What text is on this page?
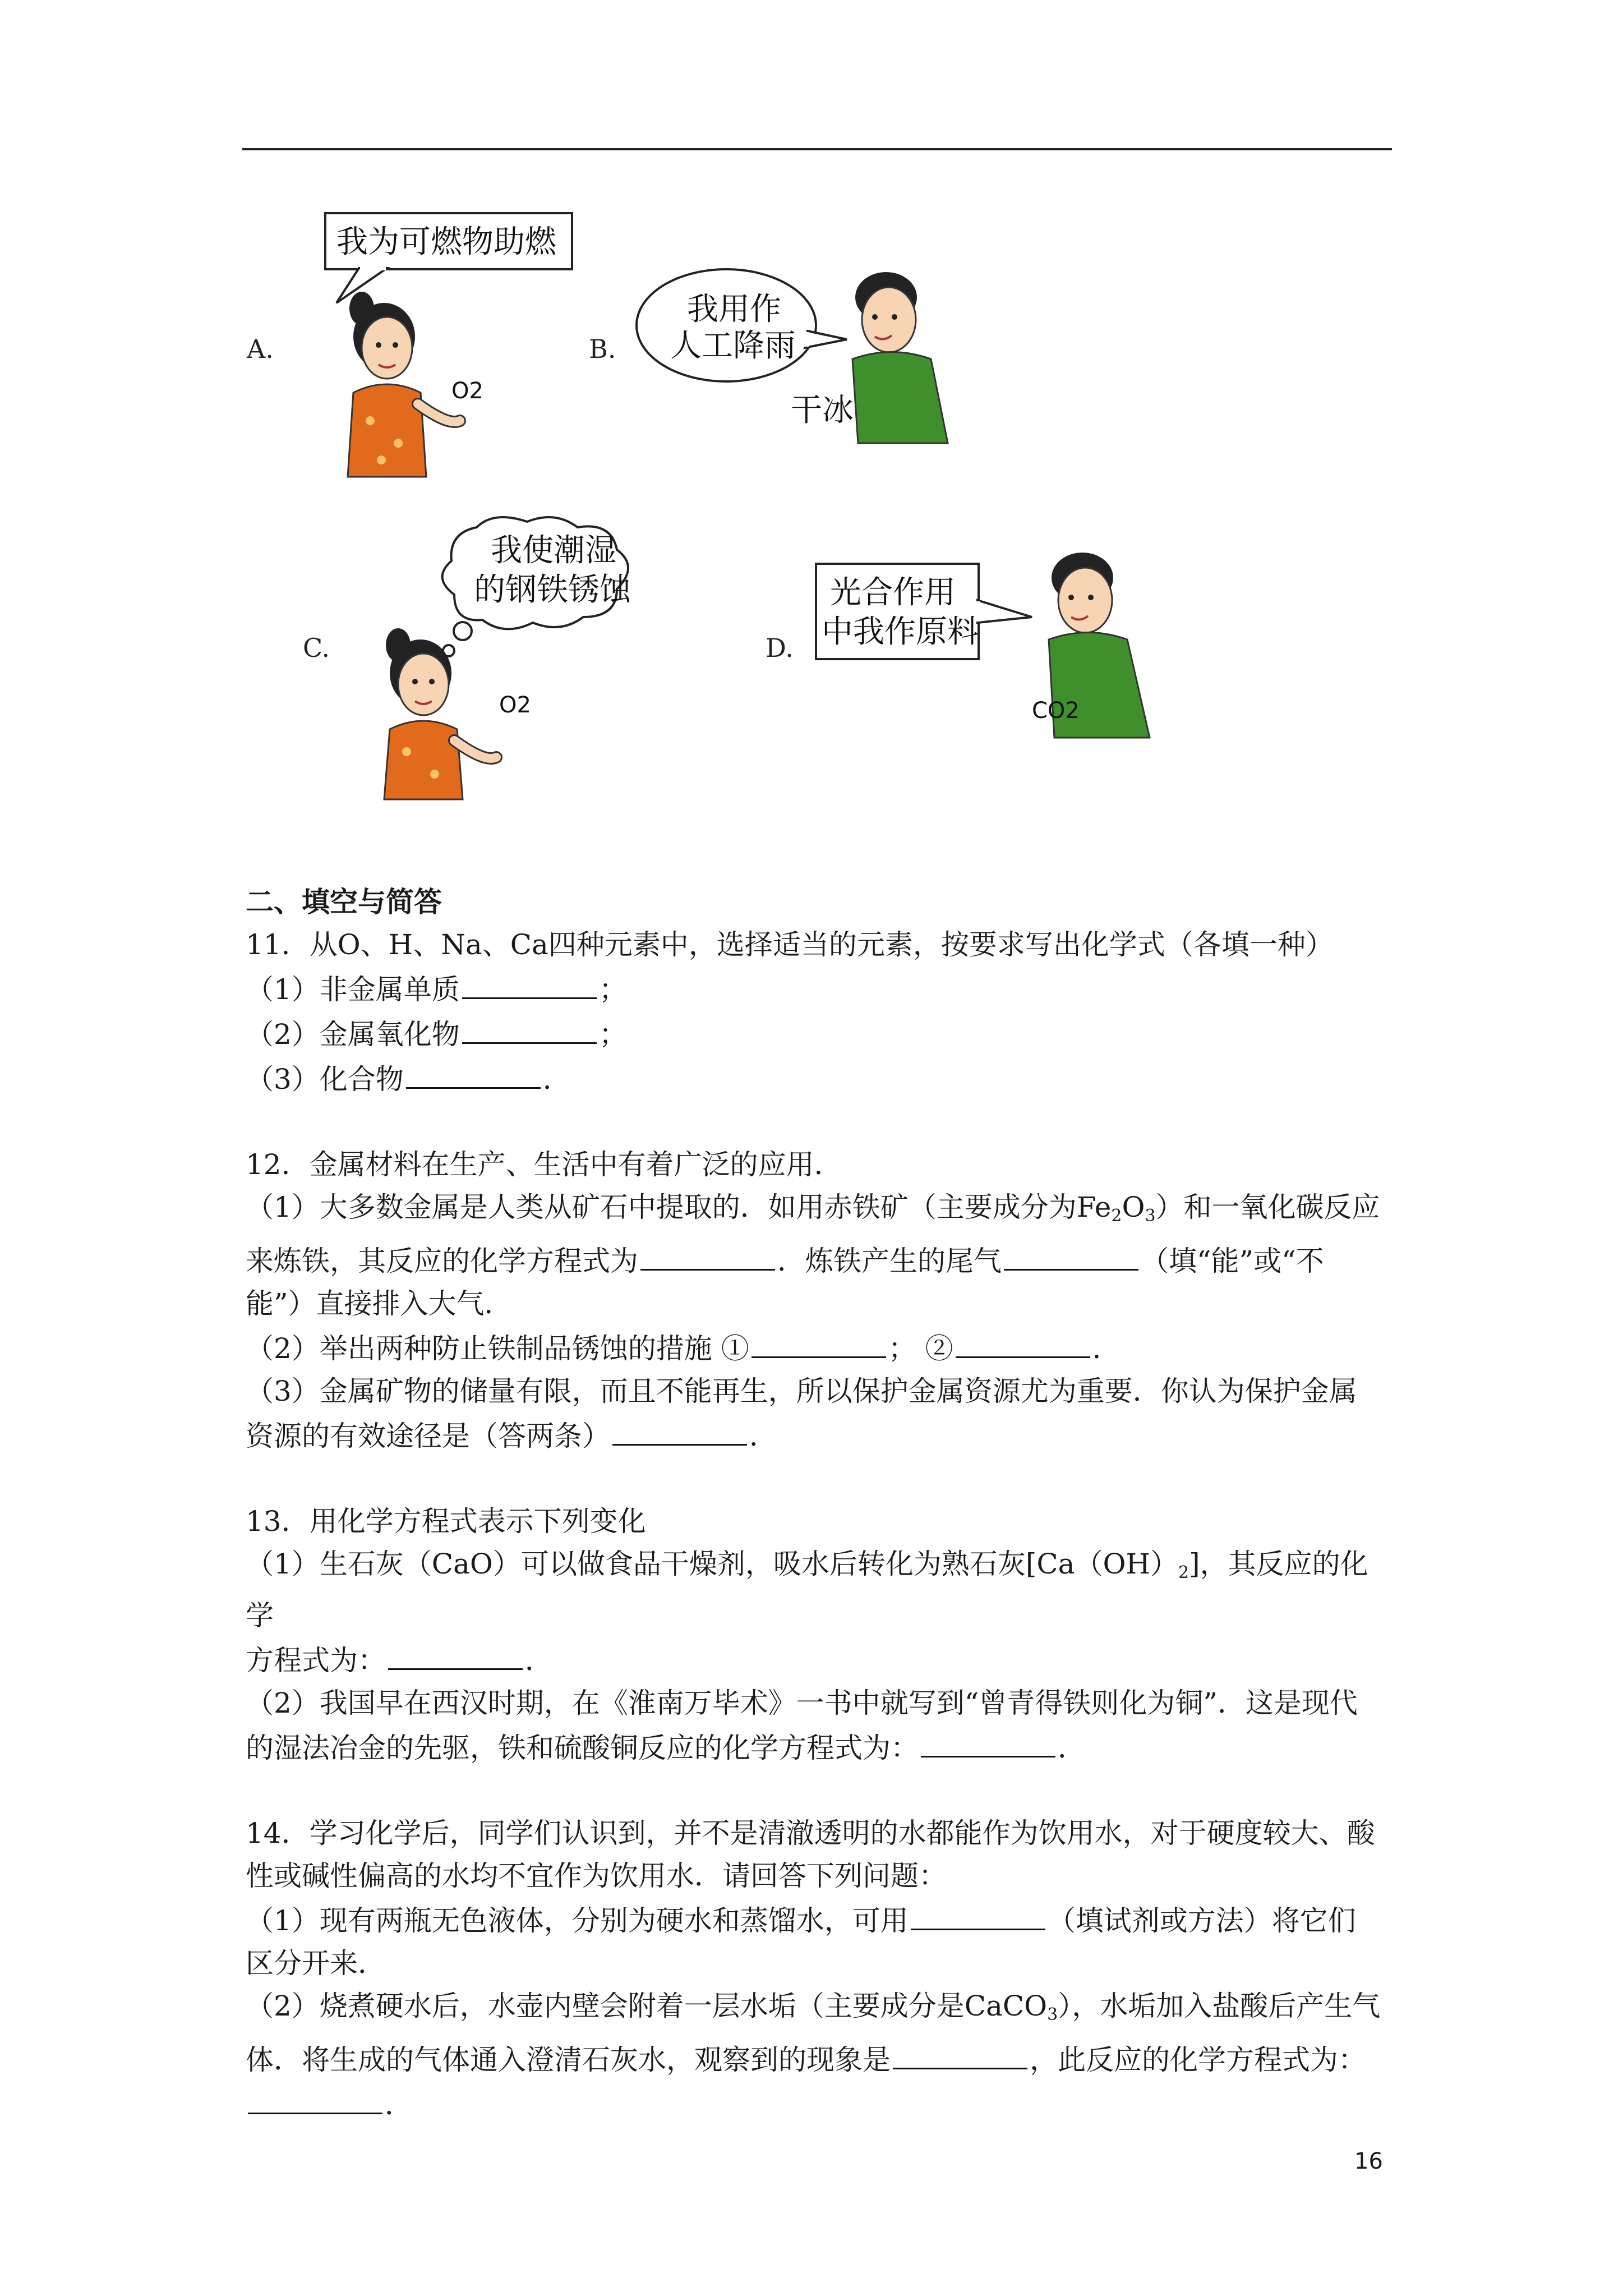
A.
我为可燃物助燃
O2
B.
我用作
人工降雨
干冰
C.
我使潮湿
的钢铁锈蚀
O2
D.
光合作用
中我作原料
CO2

二、填空与简答

11．从O、H、Na、Ca四种元素中，选择适当的元素，按要求写出化学式（各填一种）

（1）非金属单质	；

（2）金属氧化物	；

（3）化合物	．

12．金属材料在生产、生活中有着广泛的应用．

（1）大多数金属是人类从矿石中提取的．如用赤铁矿（主要成分为$Fe_2O_3$）和一氧化碳反应

来炼铁，其反应的化学方程式为	．炼铁产生的尾气	（填“能”或“不

能”）直接排入大气．

（2）举出两种防止铁制品锈蚀的措施 ①	； ②	．

（3）金属矿物的储量有限，而且不能再生，所以保护金属资源尤为重要．你认为保护金属

资源的有效途径是（答两条）	．

13．用化学方程式表示下列变化

（1）生石灰（CaO）可以做食品干燥剂，吸水后转化为熟石灰$[Ca(OH)_2]$，其反应的化学

方程式为：	．

（2）我国早在西汉时期，在《淮南万毕术》一书中就写到“曾青得铁则化为铜”．这是现代

的湿法冶金的先驱，铁和硫酸铜反应的化学方程式为：	．

14．学习化学后，同学们认识到，并不是清澈透明的水都能作为饮用水，对于硬度较大、酸

性或碱性偏高的水均不宜作为饮用水．请回答下列问题：

（1）现有两瓶无色液体，分别为硬水和蒸馏水，可用	（填试剂或方法）将它们

区分开来．

（2）烧煮硬水后，水壶内壁会附着一层水垢（主要成分是CaCO$_3$），水垢加入盐酸后产生气

体．将生成的气体通入澄清石灰水，观察到的现象是	，此反应的化学方程式为：

．

16
